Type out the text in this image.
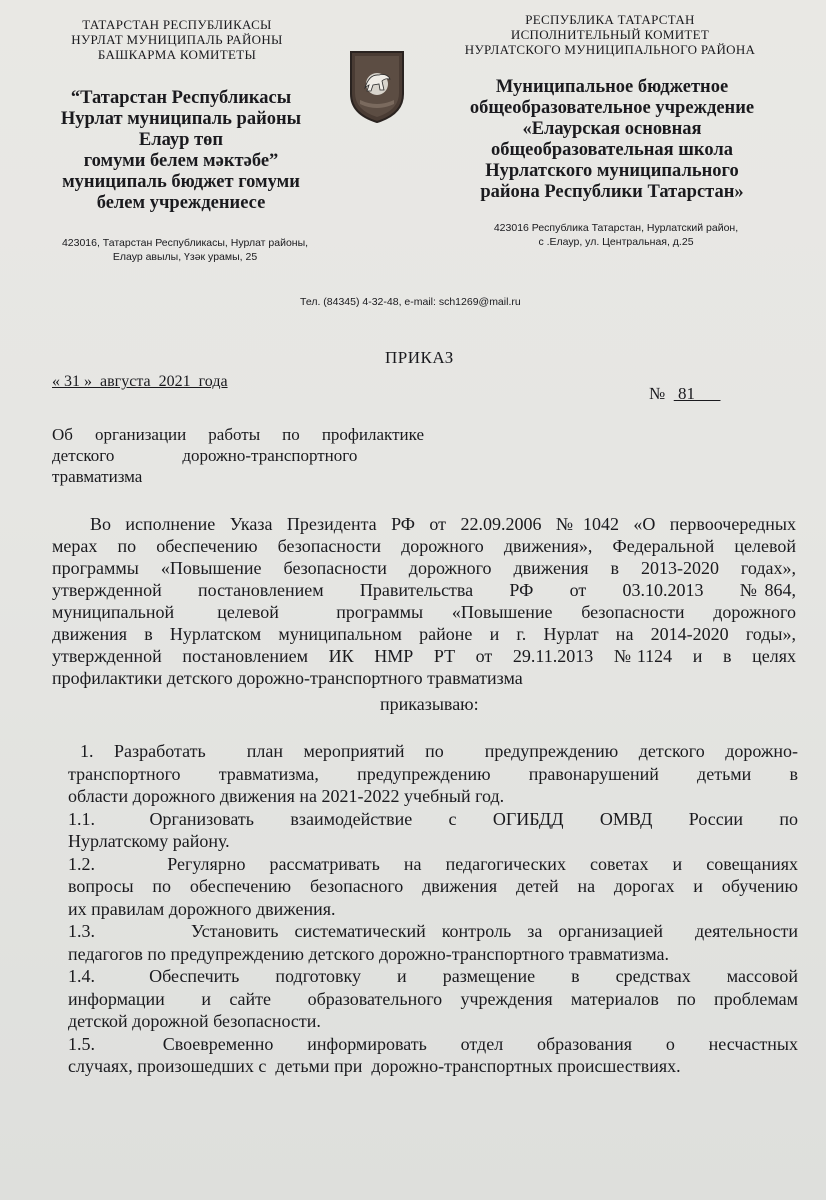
ТАТАРСТАН РЕСПУБЛИКАСЫ
НУРЛАТ МУНИЦИПАЛЬ РАЙОНЫ
БАШКАРМА КОМИТЕТЫ
“Татарстан Республикасы
Нурлат муниципаль районы
Елаур төп
гомуми белем мәктәбе”
муниципаль бюджет гомуми
белем учреждениесе
423016, Татарстан Республикасы, Нурлат районы,
Елаур авылы, Үзәк урамы, 25
РЕСПУБЛИКА ТАТАРСТАН
ИСПОЛНИТЕЛЬНЫЙ КОМИТЕТ
НУРЛАТСКОГО МУНИЦИПАЛЬНОГО РАЙОНА
Муниципальное бюджетное
общеобразовательное учреждение
«Елаурская основная
общеобразовательная школа
Нурлатского муниципального
района Республики Татарстан»
423016 Республика Татарстан, Нурлатский район,
с .Елаур, ул. Центральная, д.25
Тел. (84345) 4-32-48, e-mail: sch1269@mail.ru
ПРИКАЗ
« 31 »  августа  2021  года

№   81

Об организации работы по профилактике
детского                дорожно-транспортного
травматизма
Во исполнение Указа Президента РФ от 22.09.2006 №1042 «О первоочередных
мерах по обеспечению безопасности дорожного движения», Федеральной целевой
программы «Повышение безопасности дорожного движения в 2013-2020 годах»,
утвержденной   постановлением   Правительства   РФ   от   03.10.2013   №864,
муниципальной   целевой    программы  «Повышение  безопасности  дорожного
движения в Нурлатском муниципальном районе и г. Нурлат на 2014-2020 годы»,
утвержденной  постановлением  ИК  НМР  РТ  от  29.11.2013  №1124  и  в  целях
профилактики детского дорожно-транспортного травматизма
приказываю:
1. Разработать  план мероприятий по  предупреждению детского дорожно-
транспортного  травматизма,  предупреждению  правонарушений  детьми  в
области дорожного движения на 2021-2022 учебный год.
1.1.      Организовать    взаимодействие    с    ОГИБДД    ОМВД    России    по
Нурлатскому району.
1.2.      Регулярно  рассматривать  на  педагогических  советах  и  совещаниях
вопросы по обеспечению безопасного движения детей на дорогах и обучению
их правилам дорожного движения.
1.3.      Установить систематический контроль за организацией  деятельности
педагогов по предупреждению детского дорожно-транспортного травматизма.
1.4.      Обеспечить    подготовку    и    размещение    в    средствах    массовой
информации  и сайте  образовательного учреждения материалов по проблемам
детской дорожной безопасности.
1.5.      Своевременно   информировать   отдел   образования   о   несчастных
случаях, произошедших с  детьми при  дорожно-транспортных происшествиях.
